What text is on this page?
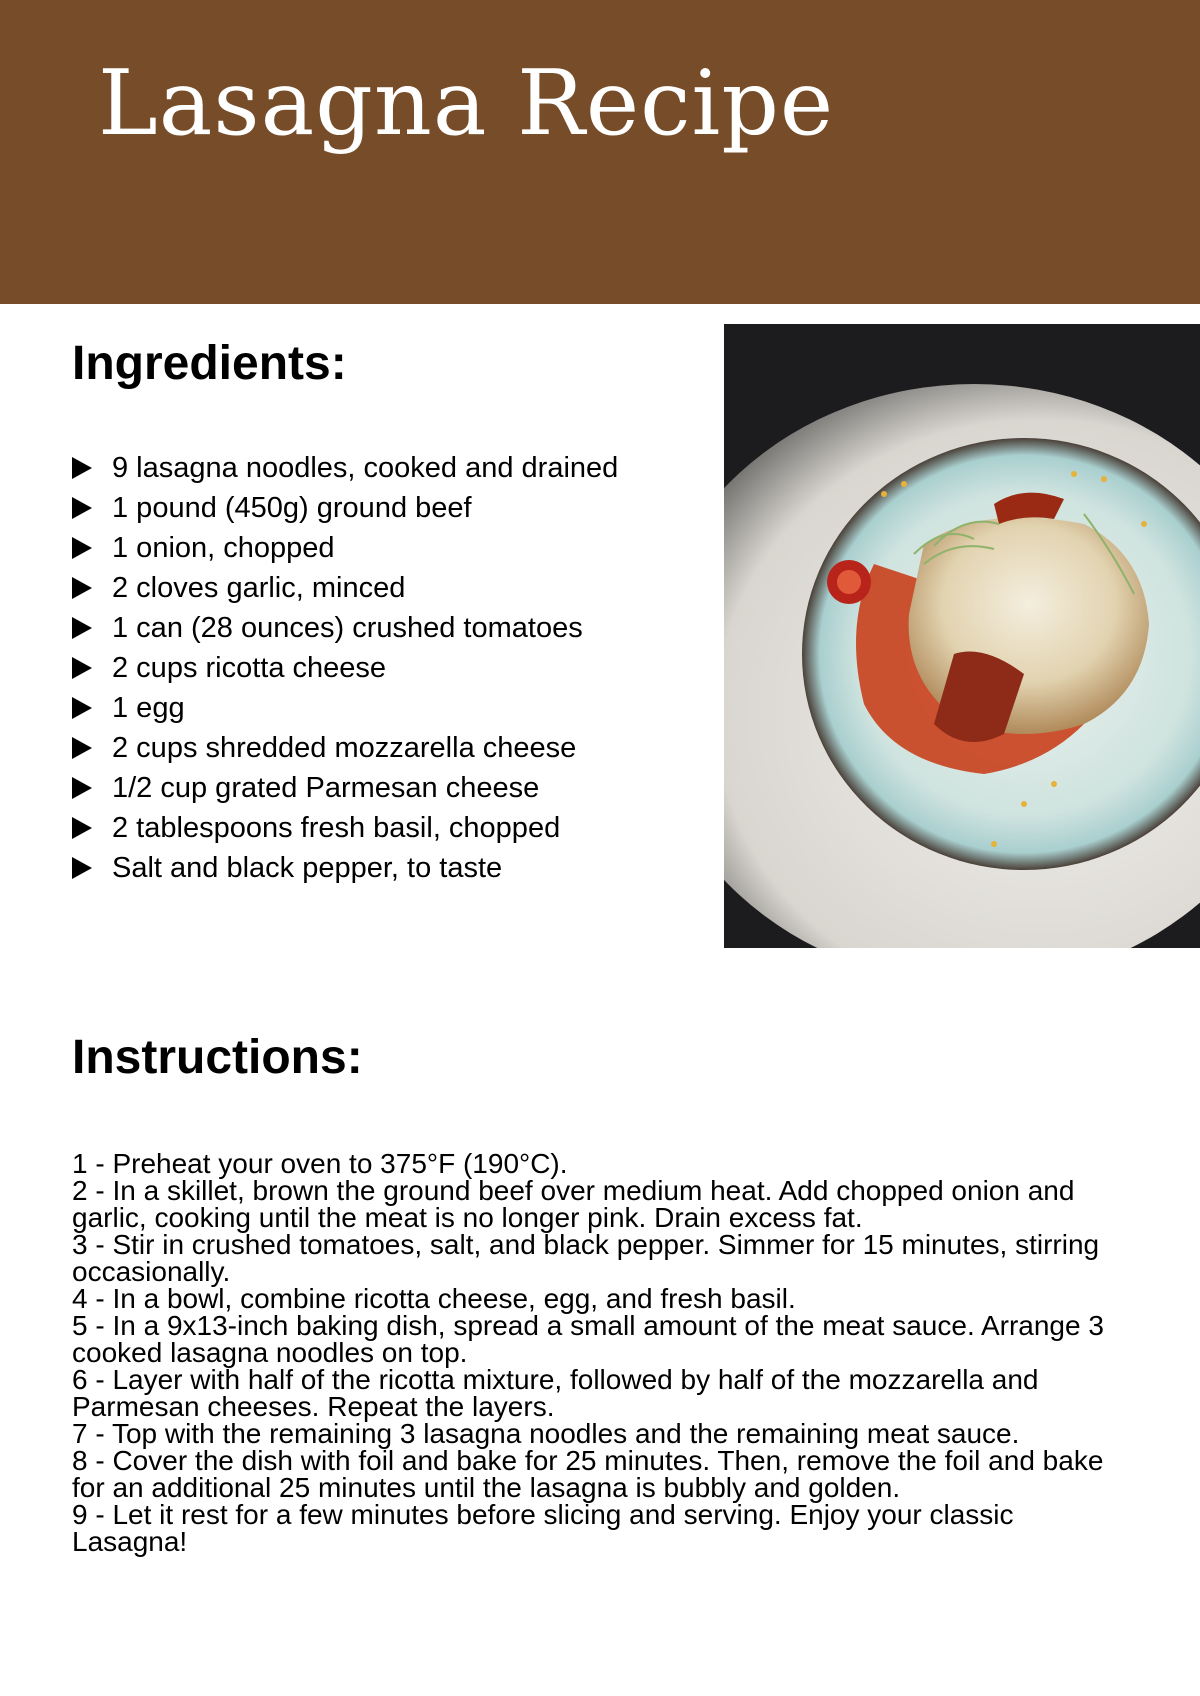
Lasagna Recipe
Ingredients:
9 lasagna noodles, cooked and drained
1 pound (450g) ground beef
1 onion, chopped
2 cloves garlic, minced
1 can (28 ounces) crushed tomatoes
2 cups ricotta cheese
1 egg
2 cups shredded mozzarella cheese
1/2 cup grated Parmesan cheese
2 tablespoons fresh basil, chopped
Salt and black pepper, to taste
Instructions:
1 - Preheat your oven to 375°F (190°C).
2 - In a skillet, brown the ground beef over medium heat. Add chopped onion and garlic, cooking until the meat is no longer pink. Drain excess fat.
3 - Stir in crushed tomatoes, salt, and black pepper. Simmer for 15 minutes, stirring occasionally.
4 - In a bowl, combine ricotta cheese, egg, and fresh basil.
5 - In a 9x13-inch baking dish, spread a small amount of the meat sauce. Arrange 3 cooked lasagna noodles on top.
6 - Layer with half of the ricotta mixture, followed by half of the mozzarella and Parmesan cheeses. Repeat the layers.
7 - Top with the remaining 3 lasagna noodles and the remaining meat sauce.
8 - Cover the dish with foil and bake for 25 minutes. Then, remove the foil and bake for an additional 25 minutes until the lasagna is bubbly and golden.
9 - Let it rest for a few minutes before slicing and serving. Enjoy your classic Lasagna!
